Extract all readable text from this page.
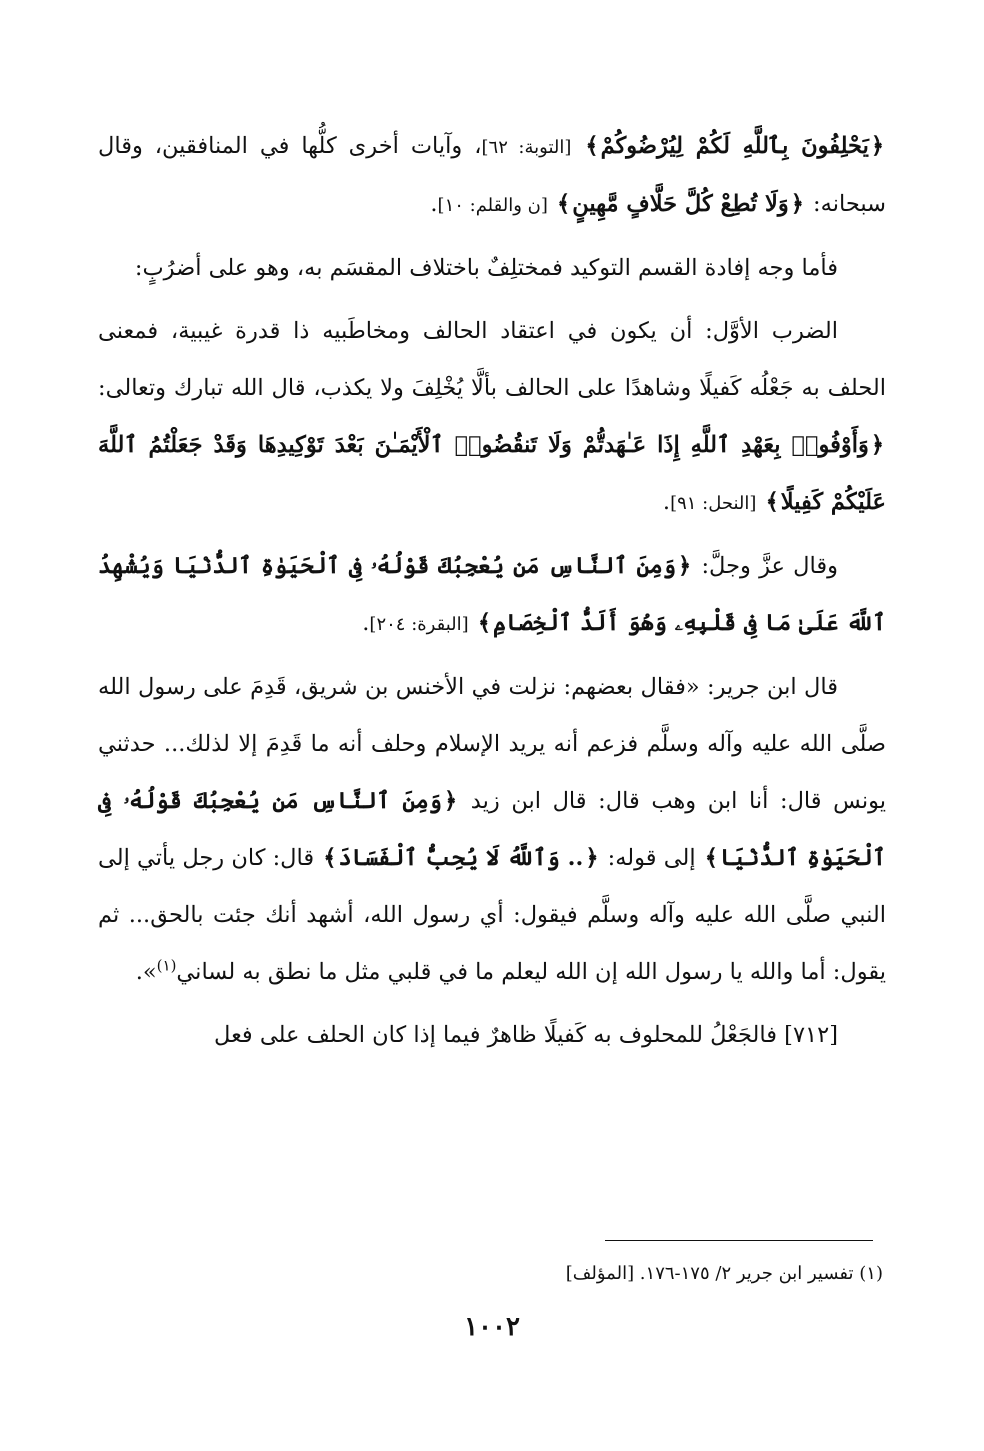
﴿يَحْلِفُونَ بِٱللَّهِ لَكُمْ لِيُرْضُوكُمْ﴾ [التوبة: ٦٢]، وآيات أخرى كلُّها في المنافقين، وقال سبحانه: ﴿وَلَا تُطِعْ كُلَّ حَلَّافٍ مَّهِينٍ﴾ [ن والقلم: ١٠].

فأما وجه إفادة القسم التوكيد فمختلِفٌ باختلاف المقسَم به، وهو على أضرُبٍ:

الضرب الأوَّل: أن يكون في اعتقاد الحالف ومخاطَبيه ذا قدرة غيبية، فمعنى الحلف به جَعْلُه كَفيلًا وشاهدًا على الحالف بألَّا يُخْلِفَ ولا يكذب، قال الله تبارك وتعالى: ﴿وَأَوْفُوا۟ بِعَهْدِ ٱللَّهِ إِذَا عَـٰهَدتُّمْ وَلَا تَنقُضُوا۟ ٱلْأَيْمَـٰنَ بَعْدَ تَوْكِيدِهَا وَقَدْ جَعَلْتُمُ ٱللَّهَ عَلَيْكُمْ كَفِيلًا﴾ [النحل: ٩١].

وقال عزَّ وجلَّ: ﴿وَمِنَ ٱلنَّاسِ مَن يُعْجِبُكَ قَوْلُهُۥ فِى ٱلْحَيَوٰةِ ٱلدُّنْيَا وَيُشْهِدُ ٱللَّهَ عَلَىٰ مَا فِى قَلْبِهِۦ وَهُوَ أَلَدُّ ٱلْخِصَامِ﴾ [البقرة: ٢٠٤].

قال ابن جرير: «فقال بعضهم: نزلت في الأخنس بن شريق، قَدِمَ على رسول الله صلَّى الله عليه وآله وسلَّم فزعم أنه يريد الإسلام وحلف أنه ما قَدِمَ إلا لذلك... حدثني يونس قال: أنا ابن وهب قال: قال ابن زيد ﴿وَمِنَ ٱلنَّاسِ مَن يُعْجِبُكَ قَوْلُهُۥ فِى ٱلْحَيَوٰةِ ٱلدُّنْيَا﴾ إلى قوله: ﴿.. وَٱللَّهُ لَا يُحِبُّ ٱلْفَسَادَ﴾ قال: كان رجل يأتي إلى النبي صلَّى الله عليه وآله وسلَّم فيقول: أي رسول الله، أشهد أنك جئت بالحق... ثم يقول: أما والله يا رسول الله إن الله ليعلم ما في قلبي مثل ما نطق به لساني$^{(١)}$».

[٧١٢] فالجَعْلُ للمحلوف به كَفيلًا ظاهرٌ فيما إذا كان الحلف على فعل

(١) تفسير ابن جرير ٢/ ١٧٥-١٧٦. [المؤلف]
١٠٠٢
